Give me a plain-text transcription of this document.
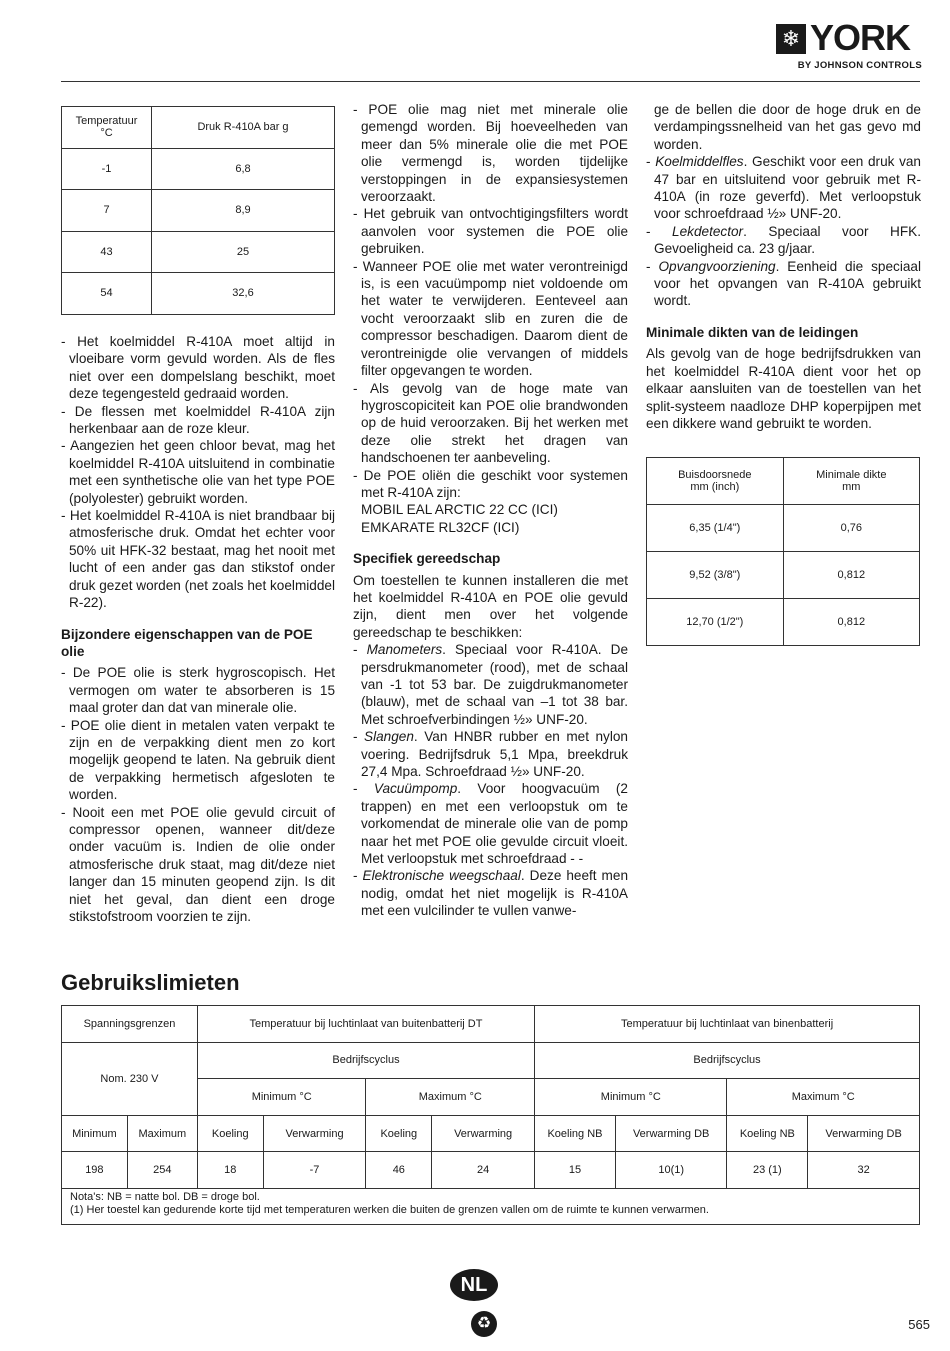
❄ YORK
BY JOHNSON CONTROLS
Temperatuur
°C	Druk R-410A bar g
-1	6,8
7	8,9
43	25
54	32,6
- Het koelmiddel R-410A moet altijd in vloeibare vorm gevuld worden. Als de fles niet over een dompelslang beschikt, moet deze tegengesteld gedraaid worden.
- De flessen met koelmiddel R-410A zijn herkenbaar aan de roze kleur.
- Aangezien het geen chloor bevat, mag het koelmiddel R-410A uitsluitend in combinatie met een synthetische olie van het type POE (polyolester) gebruikt worden.
- Het koelmiddel R-410A is niet brandbaar bij atmosferische druk. Omdat het echter voor 50% uit HFK-32 bestaat, mag het nooit met lucht of een ander gas dan stikstof onder druk gezet worden (net zoals het koelmiddel R-22).
Bijzondere eigenschappen van de POE olie
- De POE olie is sterk hygroscopisch. Het vermogen om water te absorberen is 15 maal groter dan dat van minerale olie.
- POE olie dient in metalen vaten verpakt te zijn en de verpakking dient men zo kort mogelijk geopend te laten. Na gebruik dient de verpakking hermetisch afgesloten te worden.
- Nooit een met POE olie gevuld circuit of compressor openen, wanneer dit/deze onder vacuüm is. Indien de olie onder atmosferische druk staat, mag dit/deze niet langer dan 15 minuten geopend zijn. Is dit niet het geval, dan dient een droge stikstofstroom voorzien te zijn.
- POE olie mag niet met minerale olie gemengd worden. Bij hoeveelheden van meer dan 5% minerale olie die met POE olie vermengd is, worden tijdelijke verstoppingen in de expansiesystemen veroorzaakt.
- Het gebruik van ontvochtigingsfilters wordt aanvolen voor systemen die POE olie gebruiken.
- Wanneer POE olie met water verontreinigd is, is een vacuümpomp niet voldoende om het water te verwijderen. Eenteveel aan vocht veroorzaakt slib en zuren die de compressor beschadigen. Daarom dient de verontreinigde olie vervangen of middels filter opgevangen te worden.
- Als gevolg van de hoge mate van hygroscopiciteit kan POE olie brandwonden op de huid veroorzaken. Bij het werken met deze olie strekt het dragen van handschoenen ter aanbeveling.
- De POE oliën die geschikt voor systemen met R-410A zijn:
MOBIL EAL ARCTIC 22 CC (ICI)
EMKARATE RL32CF (ICI)
Specifiek gereedschap
Om toestellen te kunnen installeren die met het koelmiddel R-410A en POE olie gevuld zijn, dient men over het volgende gereedschap te beschikken:
- Manometers. Speciaal voor R-410A. De persdrukmanometer (rood), met de schaal van -1 tot 53 bar. De zuigdrukmanometer (blauw), met de schaal van –1 tot 38 bar. Met schroefverbindingen ½» UNF-20.
- Slangen. Van HNBR rubber en met nylon voering. Bedrijfsdruk 5,1 Mpa, breekdruk 27,4 Mpa. Schroefdraad ½» UNF-20.
- Vacuümpomp. Voor hoogvacuüm (2 trappen) en met een verloopstuk om te vorkomendat de minerale olie van de pomp naar het met POE olie gevulde circuit vloeit. Met verloopstuk met schroefdraad - -
- Elektronische weegschaal. Deze heeft men nodig, omdat het niet mogelijk is R-410A met een vulcilinder te vullen vanwe-
ge de bellen die door de hoge druk en de verdampingssnelheid van het gas gevo md worden.
- Koelmiddelfles. Geschikt voor een druk van 47 bar en uitsluitend voor gebruik met R-410A (in roze geverfd). Met verloopstuk voor schroefdraad ½» UNF-20.
- Lekdetector. Speciaal voor HFK. Gevoeligheid ca. 23 g/jaar.
- Opvangvoorziening. Eenheid die speciaal voor het opvangen van R-410A gebruikt wordt.
Minimale dikten van de leidingen
Als gevolg van de hoge bedrijfsdrukken van het koelmiddel R-410A dient voor het op elkaar aansluiten van de toestellen van het split-systeem naadloze DHP koperpijpen met een dikkere wand gebruikt te worden.
Buisdoorsnede
mm (inch)	Minimale dikte
mm
6,35 (1/4")	0,76
9,52 (3/8")	0,812
12,70 (1/2")	0,812
Gebruikslimieten
Spanningsgrenzen		Temperatuur bij luchtinlaat van buitenbatterij DT				Temperatuur bij luchtinlaat van binenbatterij			
Nom. 230 V		Bedrijfscyclus				Bedrijfscyclus			
		Minimum °C		Maximum °C		Minimum °C		Maximum °C	
Minimum	Maximum	Koeling	Verwarming	Koeling	Verwarming	Koeling NB	Verwarming DB	Koeling NB	Verwarming DB
198	254	18	-7	46	24	15	10(1)	23 (1)	32

Nota's: NB = natte bol. DB = droge bol.
(1) Her toestel kan gedurende korte tijd met temperaturen werken die buiten de grenzen vallen om de ruimte te kunnen verwarmen.									
NL
♻	565
